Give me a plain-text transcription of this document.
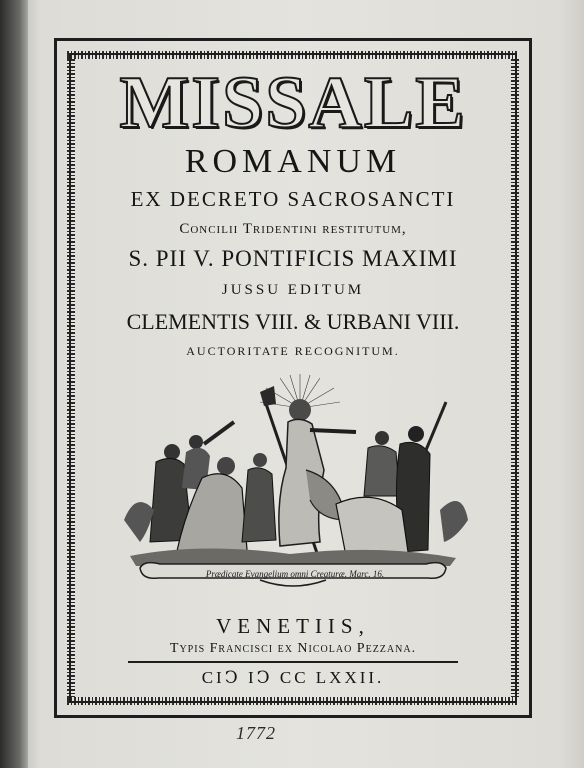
MISSALE
ROMANUM
EX DECRETO SACROSANCTI
Concilii Tridentini restitutum,
S. PII V. PONTIFICIS MAXIMI
JUSSU EDITUM
CLEMENTIS VIII. & URBANI VIII.
AUCTORITATE RECOGNITUM.
Prædicate Evangelium omni Creaturæ. Marc. 16.
VENETIIS,
Typis Francisci ex Nicolao Pezzana.
CIↃ IↃ CC LXXII.
1772
